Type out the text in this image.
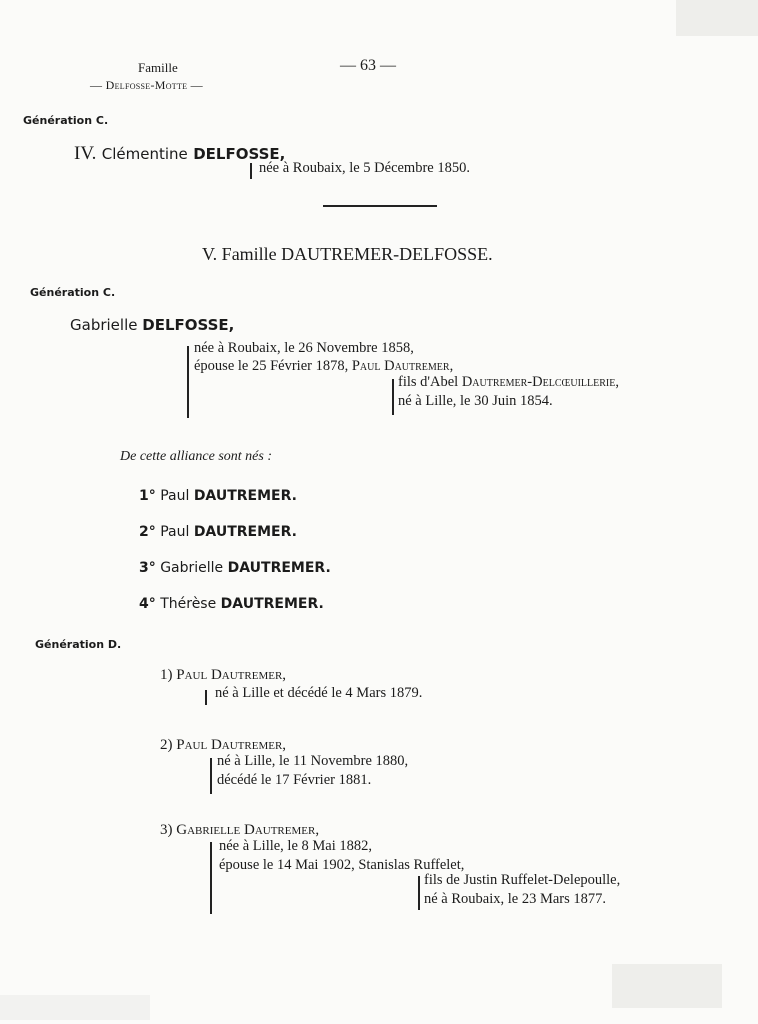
Famille	— 63 —
— Delfosse-Motte —
Génération C.
IV. Clémentine DELFOSSE,
née à Roubaix, le 5 Décembre 1850.
V. Famille DAUTREMER-DELFOSSE.
Génération C.
Gabrielle DELFOSSE,
née à Roubaix, le 26 Novembre 1858,
épouse le 25 Février 1878, Paul Dautremer,
fils d'Abel Dautremer-Delcœuillerie,
né à Lille, le 30 Juin 1854.
De cette alliance sont nés :
1° Paul DAUTREMER.
2° Paul DAUTREMER.
3° Gabrielle DAUTREMER.
4° Thérèse DAUTREMER.
Génération D.
1) Paul Dautremer,
né à Lille et décédé le 4 Mars 1879.
2) Paul Dautremer,
né à Lille, le 11 Novembre 1880,
décédé le 17 Février 1881.
3) Gabrielle Dautremer,
née à Lille, le 8 Mai 1882,
épouse le 14 Mai 1902, Stanislas Ruffelet,
fils de Justin Ruffelet-Delepoulle,
né à Roubaix, le 23 Mars 1877.
